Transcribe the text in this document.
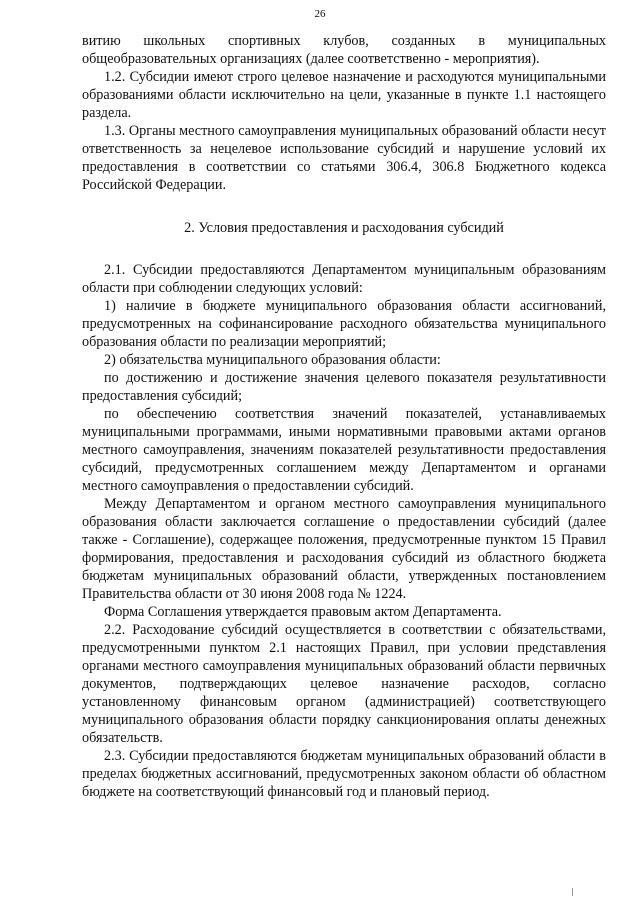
26

витию школьных спортивных клубов, созданных в муниципальных общеобразовательных организациях (далее соответственно - мероприятия).

1.2. Субсидии имеют строго целевое назначение и расходуются муниципальными образованиями области исключительно на цели, указанные в пункте 1.1 настоящего раздела.

1.3. Органы местного самоуправления муниципальных образований области несут ответственность за нецелевое использование субсидий и нарушение условий их предоставления в соответствии со статьями 306.4, 306.8 Бюджетного кодекса Российской Федерации.

2. Условия предоставления и расходования субсидий

2.1. Субсидии предоставляются Департаментом муниципальным образованиям области при соблюдении следующих условий:

1) наличие в бюджете муниципального образования области ассигнований, предусмотренных на софинансирование расходного обязательства муниципального образования области по реализации мероприятий;

2) обязательства муниципального образования области:

по достижению и достижение значения целевого показателя результативности предоставления субсидий;

по обеспечению соответствия значений показателей, устанавливаемых муниципальными программами, иными нормативными правовыми актами органов местного самоуправления, значениям показателей результативности предоставления субсидий, предусмотренных соглашением между Департаментом и органами местного самоуправления о предоставлении субсидий.

Между Департаментом и органом местного самоуправления муниципального образования области заключается соглашение о предоставлении субсидий (далее также - Соглашение), содержащее положения, предусмотренные пунктом 15 Правил формирования, предоставления и расходования субсидий из областного бюджета бюджетам муниципальных образований области, утвержденных постановлением Правительства области от 30 июня 2008 года № 1224.

Форма Соглашения утверждается правовым актом Департамента.

2.2. Расходование субсидий осуществляется в соответствии с обязательствами, предусмотренными пунктом 2.1 настоящих Правил, при условии представления органами местного самоуправления муниципальных образований области первичных документов, подтверждающих целевое назначение расходов, согласно установленному финансовым органом (администрацией) соответствующего муниципального образования области порядку санкционирования оплаты денежных обязательств.

2.3. Субсидии предоставляются бюджетам муниципальных образований области в пределах бюджетных ассигнований, предусмотренных законом области об областном бюджете на соответствующий финансовый год и плановый период.
